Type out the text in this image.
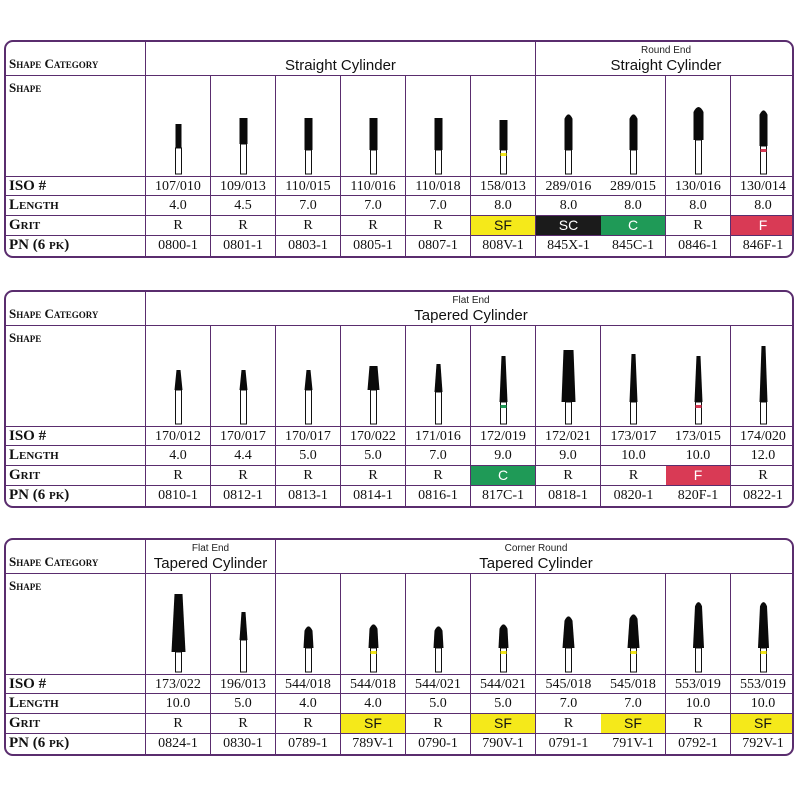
Shape Category	Straight Cylinder
Round End
Straight Cylinder
Shape
ISO #	107/010	109/013	110/015	110/016	110/018	158/013	289/016	289/015	130/016	130/014
Length	4.0	4.5	7.0	7.0	7.0	8.0	8.0	8.0	8.0	8.0
Grit	R	R	R	R	R	SF	SC	C	R	F
PN (6 pk)	0800-1	0801-1	0803-1	0805-1	0807-1	808V-1	845X-1	845C-1	0846-1	846F-1
Shape Category
Flat End
Tapered Cylinder
Shape
ISO #	170/012	170/017	170/017	170/022	171/016	172/019	172/021	173/017	173/015	174/020
Length	4.0	4.4	5.0	5.0	7.0	9.0	9.0	10.0	10.0	12.0
Grit	R	R	R	R	R	C	R	R	F	R
PN (6 pk)	0810-1	0812-1	0813-1	0814-1	0816-1	817C-1	0818-1	0820-1	820F-1	0822-1
Shape Category
Flat End
Tapered Cylinder
Corner Round
Tapered Cylinder
Shape
ISO #	173/022	196/013	544/018	544/018	544/021	544/021	545/018	545/018	553/019	553/019
Length	10.0	5.0	4.0	4.0	5.0	5.0	7.0	7.0	10.0	10.0
Grit	R	R	R	SF	R	SF	R	SF	R	SF
PN (6 pk)	0824-1	0830-1	0789-1	789V-1	0790-1	790V-1	0791-1	791V-1	0792-1	792V-1
